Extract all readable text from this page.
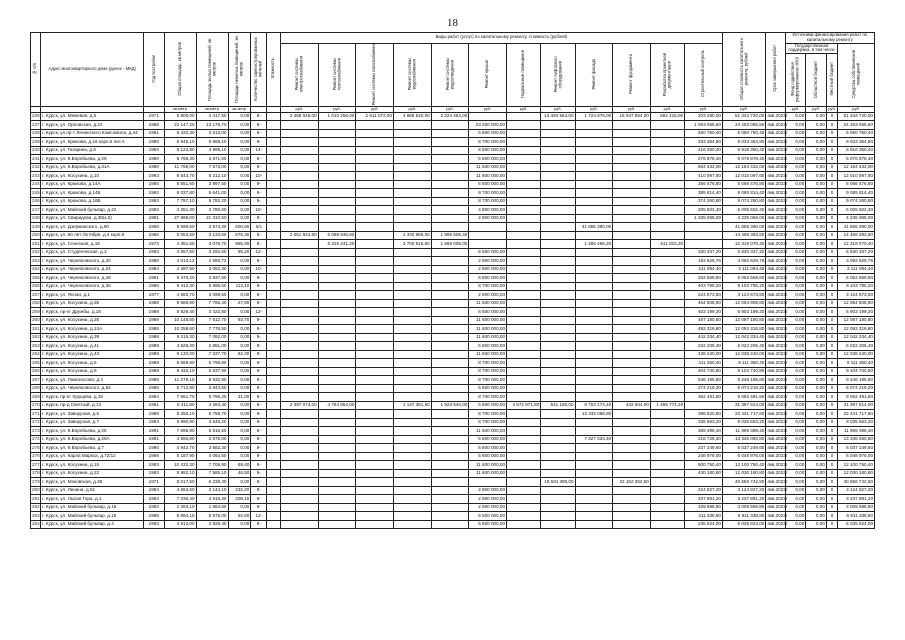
18
№ п/п	Адрес многоквартирного дома (далее - МКД)	Год постройки	Общая площадь, кв.метров	Площадь жилых помещений, кв. метров	Площадь нежилых помещений, кв. метров	Количество зарегистрированных жителей	Этажность	Виды работ (услуг) по капитальному ремонту, стоимость (рублей)												Общая стоимость капитального ремонта, рублей	Срок завершения работ	Источники финансирования работ по капитальному ремонту			
								Ремонт системы электроснабжения	Ремонт системы теплоснабжения	Ремонт системы газоснабжения	Ремонт системы водоснабжения	Ремонт системы водоотведения	Ремонт крыши	Подвальные помещения	Ремонт лифтового оборудования	Ремонт фасада	Ремонт фундамента	Разработка проектной документации	Строительный контроль			Государственная поддержка, в том числе			Средства собственников помещений
																						Фонд содействия реформированию ЖКХ	Областной бюджет	Местный бюджет	
			кв.метр	кв.метр	кв.метр			руб.	руб.	руб.	руб.	руб.	руб.	руб.	руб.	руб.	руб.	руб.	руб.	руб.		руб.	руб.	руб.	руб.
236	г. Курск, ул. Межевая, д.5	1971	5 808,00	4 417,50	0,00	5-		2 358 046,00	1 010 256,00	2 611 072,00	4 965 540,00	2 224 464,00			13 494 564,00	1 724 976,00	16 047 564,00	592 416,00	203 280,00	51 342 720,00	4кв.2023г	0,00	0,00	0	51 342 720,00
237	г. Курск, ул. Орловская, д.22	1988	22 147,20	13 178,70	0,00	9-							23 200 000,00						1 063 065,60	24 263 065,60	4кв.2023г	0,00	0,00	0	24 263 065,60
238	г. Курск, ул.пр-т Ленинского Комсомола, д.44	1991	5 432,30	3 513,00	0,00	9-							5 800 000,00						260 750,40	6 060 750,40	4кв.2023г	0,00	0,00	0	6 060 750,40
239	г. Курск, ул. Крюкова, д.16 корп.5 лит.А	1990	6 945,10	5 969,10	0,00	9-							8 700 000,00						333 364,80	9 033 364,80	4кв.2023г	0,00	0,00	0	9 033 364,80
240	г. Курск, ул. Гагарина, д.6	1994	8 122,80	4 999,10	0,00	14-							6 500 000,00						416 350,40	6 916 350,40	4кв.2023г	0,00	0,00	0	6 916 350,40
241	г. Курск, ул. К.Воробьева, д.29	1990	5 768,30	3 671,60	0,00	9-							5 800 000,00						276 878,40	6 076 878,40	4кв.2023г	0,00	0,00	0	6 076 878,40
242	г. Курск, ул. К.Воробьева, д.31А	1990	11 759,00	7 573,00	0,00	9-							11 600 000,00						564 432,00	12 164 432,00	4кв.2023г	0,00	0,00	0	12 164 432,00
243	г. Курск, ул. Косухина, д.10	1993	8 543,70	5 212,10	0,00	10-							11 600 000,00						410 097,60	12 010 097,60	4кв.2023г	0,00	0,00	0	12 010 097,60
244	г. Курск, ул. Крюкова, д.14А	1985	5 551,60	3 997,50	0,00	9-							5 800 000,00						266 476,80	6 066 476,80	4кв.2023г	0,00	0,00	0	6 066 476,80
245	г. Курск, ул. Крюкова, д.14Б	1992	8 037,80	5 641,00	0,00	9-							8 700 000,00						385 814,40	9 085 814,40	4кв.2023г	0,00	0,00	0	9 085 814,40
246	г. Курск, ул. Крюкова, д.16Б	1992	7 797,10	5 782,20	0,00	9-							8 700 000,00						374 260,80	9 074 260,80	4кв.2023г	0,00	0,00	0	9 074 260,80
247	г. Курск, ул. Майский бульвар, д.22	1992	4 251,30	2 780,60	0,00	10-							4 800 000,00						205 502,40	5 005 502,40	4кв.2023г	0,00	0,00	0	5 005 502,40
248	г. Курск, ул. Свиридова, д.30(к.2)	1991	27 689,00	21 310,50	0,00	9-							2 900 000,00						1 335 068,00	4 235 068,00	4кв.2023г	0,00	0,00	0	4 235 068,00
249	г. Курск, ул. Дзержинского, д.90	1956	5 596,60	3 674,30	600,60	5/з										41 655 390,00				41 655 390,00	4кв.2023г	0,00	0,00	0	41 655 390,00
250	г. Курск, ул. 50 лет Октября, д.4 корп.6	1966	5 053,60	3 133,60	875,30	5-		2 051 842,80	6 099 936,80		4 320 966,00	1 995 605,40								14 468 393,60	4кв.2023г	0,00	0,00	0	14 468 393,60
251	г. Курск, ул. Сонезная, д.15	1973	4 351,60	3 075,70	955,90	5-			5 226 241,20		3 700 516,80	1 669 008,00				1 286 466,20		441 823,20		12 319 070,40	4кв.2023г	0,00	0,00	0	12 319 070,40
252	г. Курск, ул. Студенческая, д.3	1993	4 657,60	3 292,60	95,20	12-							6 500 000,00						330 337,20	6 830 337,20	4кв.2023г	0,00	0,00	0	6 830 337,20
253	г. Курск, ул. Черняховского, д.20	1990	4 013,12	2 693,72	0,00	9-							2 900 000,00						192 629,76	3 092 629,76	4кв.2023г	0,00	0,00	0	3 092 629,76
254	г. Курск, ул. Черняховского, д.24	1994	4 397,80	3 052,30	0,00	10-							2 900 000,00						211 094,40	3 111 094,40	4кв.2023г	0,00	0,00	0	3 111 094,40
255	г. Курск, ул. Черняховского, д.28	1991	5 470,20	3 937,60	0,00	9-							5 800 000,00						262 569,60	6 062 569,60	4кв.2023г	0,00	0,00	0	6 062 569,60
256	г. Курск, ул. Черняховского, д.30	1996	8 412,40	5 695,50	112,10	9-							8 700 000,00						403 795,20	9 103 795,20	4кв.2023г	0,00	0,00	0	9 103 795,20
257	г. Курск, ул. Ясная, д.1	1977	4 560,70	3 099,50	0,00	9-							2 900 000,00						224 673,60	3 124 673,60	4кв.2023г	0,00	0,00	0	3 124 673,60
258	г. Курск, ул. Косухина, д.35	1988	9 685,60	7 765,40	27,80	9-							11 600 000,00						464 908,80	12 064 908,80	4кв.2023г	0,00	0,00	0	12 064 908,80
259	г. Курск, пр-кт Дружбы, д.18	1989	5 929,40	3 422,80	0,00	12-							6 500 000,00						403 199,20	6 903 199,20	4кв.2023г	0,00	0,00	0	6 903 199,20
260	г. Курск, ул. Косухина, д.28	1989	10 148,60	7 612,70	93,70	9-							11 600 000,00						487 180,80	12 087 180,80	4кв.2023г	0,00	0,00	0	12 087 180,80
261	г. Курск, ул. Косухина, д.24А	1986	10 258,60	7 778,50	0,00	9-							11 600 000,00						492 316,80	12 092 316,80	4кв.2023г	0,00	0,00	0	12 092 316,80
262	г. Курск, ул. Косухина, д.39	1988	9 215,30	7 082,00	0,00	9-							11 600 000,00						442 334,40	12 042 334,40	4кв.2023г	0,00	0,00	0	12 042 334,40
263	г. Курск, ул. Косухина, д.41	1989	4 629,30	2 851,00	0,00	9-							5 800 000,00						222 206,40	6 022 206,40	4кв.2023г	0,00	0,00	0	6 022 206,40
264	г. Курск, ул. Косухина, д.43	1989	9 130,00	7 037,70	62,30	9-							11 600 000,00						438 240,00	12 038 240,00	4кв.2023г	0,00	0,00	0	12 038 240,00
265	г. Курск, ул. Косухина, д.5	1989	8 569,80	5 798,80	0,00	9-							8 700 000,00						411 350,40	9 111 350,40	4кв.2023г	0,00	0,00	0	9 111 350,40
266	г. Курск, ул. Косухина, д.9	1989	8 432,10	5 637,90	0,00	9-							8 700 000,00						404 740,80	9 104 740,80	4кв.2023г	0,00	0,00	0	9 104 740,80
267	г. Курск, ул. Ломоносова, д.4	1988	11 279,10	8 532,90	0,00	9-							8 700 000,00						546 196,80	9 246 196,80	4кв.2023г	0,00	0,00	0	9 246 196,80
268	г. Курск, ул. Черняховского, д.84	1986	5 712,90	3 943,60	0,00	9-							5 800 000,00						274 219,20	6 074 219,20	4кв.2023г	0,00	0,00	0	6 074 219,20
269	г. Курск, пр-кт Хрущева, д.15	1994	7 551,70	5 796,20	31,00	9-							8 700 000,00						362 481,60	9 062 481,60	4кв.2023г	0,00	0,00	0	9 062 481,60
270	г. Курск, пр-д Светлый, д.13	1991	5 411,80	4 284,40	0,00	9-		2 397 074,00	4 784 854,00		1 147 381,60	1 923 540,00	5 800 000,00	4 572 871,80	541 180,00	8 702 174,40	432 944,00	1 455 774,20		31 397 814,00	4кв.2023г	0,00	0,00	0	31 397 814,00
271	г. Курск, ул. Заводская, д.5	1986	8 250,10	5 758,70	0,00	9-							8 700 000,00			13 333 056,80			398 520,80	22 431 717,60	4кв.2023г	0,00	0,00	0	22 431 717,60
272	г. Курск, ул. Заводская, д.7	1993	6 990,90	3 546,20	0,00	9-							8 700 000,00						335 563,20	9 035 563,20	4кв.2023г	0,00	0,00	0	9 035 563,20
273	г. Курск, ул. К.Воробьева, д.25	1991	7 695,80	5 615,50	0,00	9-							11 600 000,00						369 398,40	11 969 398,40	4кв.2023г	0,00	0,00	0	11 969 398,40
274	г. Курск, ул. К.Воробьева, д.29А	1991	4 556,80	3 678,00	0,00	9-							5 800 000,00			7 327 334,40			218 726,40	13 346 060,80	4кв.2023г	0,00	0,00	0	13 346 060,80
275	г. Курск, ул. К.Воробьева, д.7	1990	4 942,70	3 682,30	0,00	9-							5 800 000,00						237 249,60	6 037 249,60	4кв.2023г	0,00	0,00	0	6 037 249,60
276	г. Курск, ул. Карла Маркса, д.72/12	1966	5 187,90	4 064,50	0,00	9-							5 800 000,00						248 976,00	6 048 976,00	4кв.2023г	0,00	0,00	0	6 048 976,00
277	г. Курск, ул. Косухина, д.16	1993	10 432,30	7 708,90	69,40	9-							11 600 000,00						500 750,40	12 100 750,40	4кв.2023г	0,00	0,00	0	12 100 750,40
278	г. Курск, ул. Косухина, д.22	1992	8 982,10	7 585,10	46,50	9-							11 600 000,00						430 180,80	12 030 180,80	4кв.2023г	0,00	0,00	0	12 030 180,80
279	г. Курск, ул. Моковская, д.38	1971	8 017,50	6 238,30	0,00	5-									18 504 390,00		22 152 352,50			40 656 742,50	4кв.2023г	0,00	0,00	0	40 656 742,50
280	г. Курск, ул. Ленина, д.51	1984	4 663,60	3 144,10	232,20	9-							2 900 000,00						224 827,20	3 124 827,20	4кв.2023г	0,00	0,00	0	3 124 827,20
281	г. Курск, ул. Лысая Гора, д.1	1993	7 036,40	4 915,30	208,10	9-							2 900 000,00						337 891,20	3 237 891,20	4кв.2023г	0,00	0,00	0	3 237 891,20
282	г. Курск, ул. Майский бульвар, д.16	1992	2 283,10	1 864,60	0,00	9-							2 900 000,00						109 588,80	3 009 588,80	4кв.2023г	0,00	0,00	0	3 009 588,80
283	г. Курск, ул. Майский бульвар, д.18	1998	8 694,10	5 878,00	92,60	12-							6 500 000,00						411 338,80	6 911 338,80	4кв.2023г	0,00	0,00	0	6 911 338,80
284	г. Курск, ул. Майский бульвар, д.4	1993	4 913,00	3 828,40	0,00	9-							5 800 000,00						235 824,00	6 035 824,00	4кв.2023г	0,00	0,00	0	6 035 824,00
